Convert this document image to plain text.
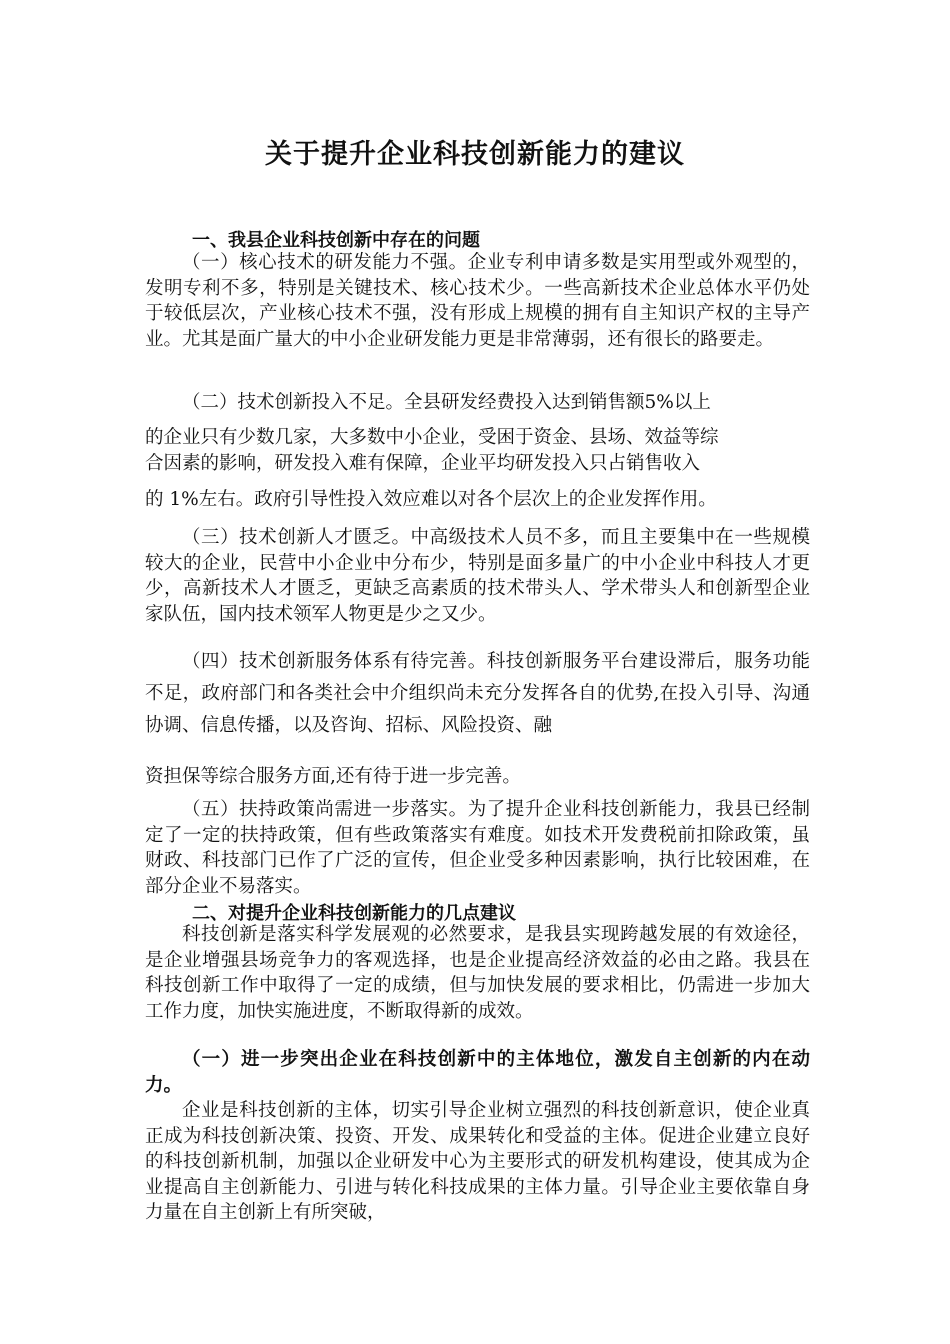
关于提升企业科技创新能力的建议
一、我县企业科技创新中存在的问题

（一）核心技术的研发能力不强。企业专利申请多数是实用型或外观型的，发明专利不多，特别是关键技术、核心技术少。一些高新技术企业总体水平仍处于较低层次，产业核心技术不强，没有形成上规模的拥有自主知识产权的主导产业。尤其是面广量大的中小企业研发能力更是非常薄弱，还有很长的路要走。

（二）技术创新投入不足。全县研发经费投入达到销售额5%以上

的企业只有少数几家，大多数中小企业，受困于资金、县场、效益等综

合因素的影响，研发投入难有保障，企业平均研发投入只占销售收入

的 1%左右。政府引导性投入效应难以对各个层次上的企业发挥作用。

（三）技术创新人才匮乏。中高级技术人员不多，而且主要集中在一些规模较大的企业，民营中小企业中分布少，特别是面多量广的中小企业中科技人才更少，高新技术人才匮乏，更缺乏高素质的技术带头人、学术带头人和创新型企业家队伍，国内技术领军人物更是少之又少。

（四）技术创新服务体系有待完善。科技创新服务平台建设滞后，服务功能不足，政府部门和各类社会中介组织尚未充分发挥各自的优势,在投入引导、沟通协调、信息传播，以及咨询、招标、风险投资、融

资担保等综合服务方面,还有待于进一步完善。

（五）扶持政策尚需进一步落实。为了提升企业科技创新能力，我县已经制定了一定的扶持政策，但有些政策落实有难度。如技术开发费税前扣除政策，虽财政、科技部门已作了广泛的宣传，但企业受多种因素影响，执行比较困难，在部分企业不易落实。

二、对提升企业科技创新能力的几点建议

科技创新是落实科学发展观的必然要求，是我县实现跨越发展的有效途径，是企业增强县场竞争力的客观选择，也是企业提高经济效益的必由之路。我县在科技创新工作中取得了一定的成绩，但与加快发展的要求相比，仍需进一步加大工作力度，加快实施进度，不断取得新的成效。

（一）进一步突出企业在科技创新中的主体地位，激发自主创新的内在动力。

企业是科技创新的主体，切实引导企业树立强烈的科技创新意识，使企业真正成为科技创新决策、投资、开发、成果转化和受益的主体。促进企业建立良好的科技创新机制，加强以企业研发中心为主要形式的研发机构建设，使其成为企业提高自主创新能力、引进与转化科技成果的主体力量。引导企业主要依靠自身力量在自主创新上有所突破，
